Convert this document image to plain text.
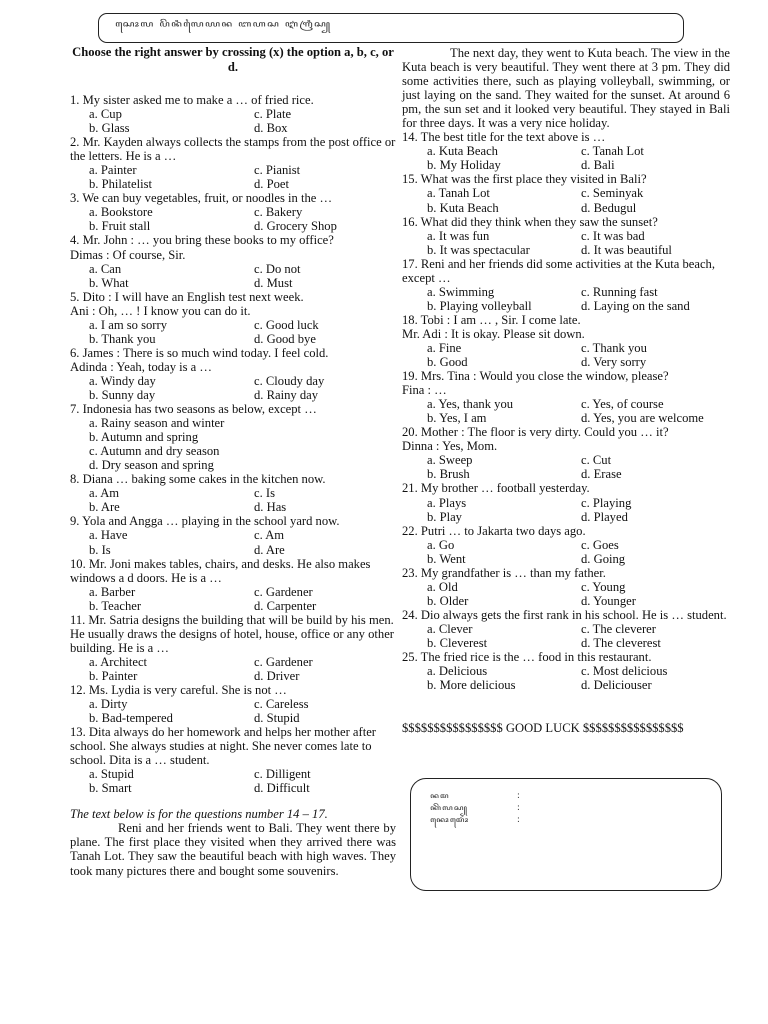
ꦱꦺꦴꦭ ꦥꦼꦤꦶꦭꦻꦪꦤ ꦧꦲꦱ ꦆꦁꦒꦿꦶꦱ꧀
Choose the right answer by crossing (x) the option a, b, c, or d.
1. My sister asked me to make a … of fried rice.
a. Cup	c. Plate
b. Glass	d. Box
2. Mr. Kayden always collects the stamps from the post office or the letters. He is a …
a. Painter	c. Pianist
b. Philatelist	d. Poet
3. We can buy vegetables, fruit, or noodles in the …
a. Bookstore	c. Bakery
b. Fruit stall	d. Grocery Shop
4. Mr. John : … you bring these books to my office?
Dimas : Of course, Sir.
a. Can	c. Do not
b. What	d. Must
5. Dito : I will have an English test next week.
Ani : Oh, … ! I know you can do it.
a. I am so sorry	c. Good luck
b. Thank you	d. Good bye
6. James : There is so much wind today. I feel cold.
Adinda : Yeah, today is a …
a. Windy day	c. Cloudy day
b. Sunny day	d. Rainy day
7. Indonesia has two seasons as below, except …
a. Rainy season and winter
b. Autumn and spring
c. Autumn and dry season
d. Dry season and spring
8. Diana … baking some cakes in the kitchen now.
a. Am	c. Is
b. Are	d. Has
9. Yola and Angga … playing in the school yard now.
a. Have	c. Am
b. Is	d. Are
10. Mr. Joni makes tables, chairs, and desks. He also makes windows a d doors. He is a …
a. Barber	c. Gardener
b. Teacher	d. Carpenter
11. Mr. Satria designs the building that will be build by his men. He usually draws the designs of hotel, house, office or any other building. He is a …
a. Architect	c. Gardener
b. Painter	d. Driver
12. Ms. Lydia is very careful. She is not …
a. Dirty	c. Careless
b. Bad-tempered	d. Stupid
13. Dita always do her homework and helps her mother after school. She always studies at night. She never comes late to school. Dita is a … student.
a. Stupid	c. Dilligent
b. Smart	d. Difficult
The text below is for the questions number 14 – 17.

Reni and her friends went to Bali. They went there by plane. The first place they visited when they arrived there was Tanah Lot. They saw the beautiful beach with high waves. They took many pictures there and bought some souvenirs.

The next day, they went to Kuta beach. The view in the Kuta beach is very beautiful. They went there at 3 pm. They did some activities there, such as playing volleyball, swimming, or just laying on the sand. They waited for the sunset. At around 6 pm, the sun set and it looked very beautiful. They stayed in Bali for three days. It was a very nice holiday.

14. The best title for the text above is …
a. Kuta Beach	c. Tanah Lot
b. My Holiday	d. Bali
15. What was the first place they visited in Bali?
a. Tanah Lot	c. Seminyak
b. Kuta Beach	d. Bedugul
16. What did they think when they saw the sunset?
a. It was fun	c. It was bad
b. It was spectacular	d. It was beautiful
17. Reni and her friends did some activities at the Kuta beach, except …
a. Swimming	c. Running fast
b. Playing volleyball	d. Laying on the sand
18. Tobi : I am … , Sir. I come late.
Mr. Adi : It is okay. Please sit down.
a. Fine	c. Thank you
b. Good	d. Very sorry
19. Mrs. Tina : Would you close the window, please?
Fina : …
a. Yes, thank you	c. Yes, of course
b. Yes, I am	d. Yes, you are welcome
20. Mother : The floor is very dirty. Could you … it?
Dinna : Yes, Mom.
a. Sweep	c. Cut
b. Brush	d. Erase
21. My brother … football yesterday.
a. Plays	c. Playing
b. Play	d. Played
22. Putri … to Jakarta two days ago.
a. Go	c. Goes
b. Went	d. Going
23. My grandfather is … than my father.
a. Old	c. Young
b. Older	d. Younger
24. Dio always gets the first rank in his school. He is … student.
a. Clever	c. The cleverer
b. Cleverest	d. The cleverest
25. The fried rice is the … food in this restaurant.
a. Delicious	c. Most delicious
b. More delicious	d. Deliciouser
$$$$$$$$$$$$$$$$ GOOD LUCK $$$$$$$$$$$$$$$$
ꦤꦩ	:
ꦏꦼꦭꦱ꧀	:
ꦤꦺꦴꦩꦺꦴꦂ	:
